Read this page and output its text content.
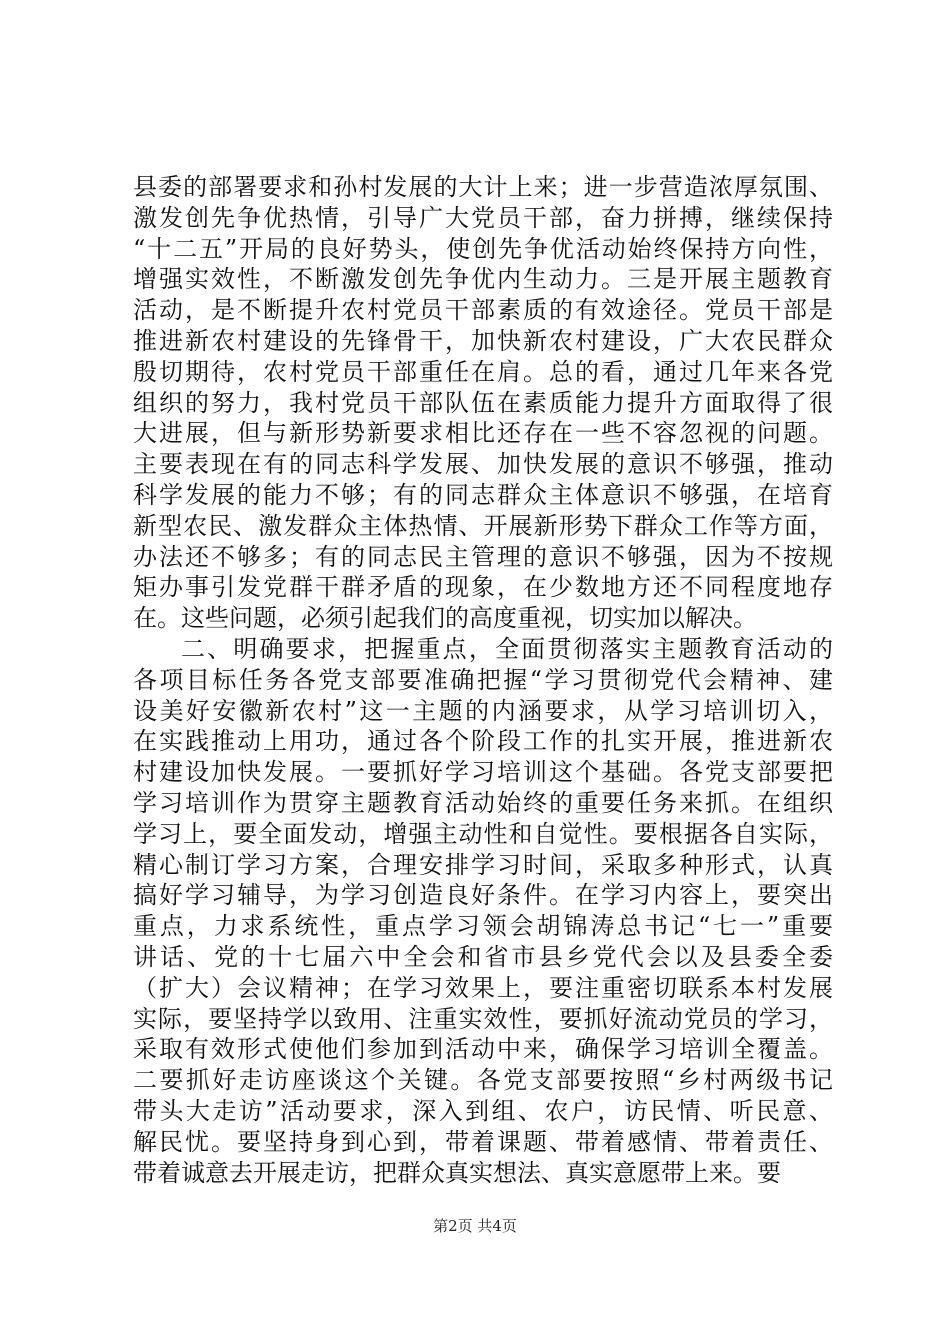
县委的部署要求和孙村发展的大计上来；进一步营造浓厚氛围、
激发创先争优热情，引导广大党员干部，奋力拼搏，继续保持
“十二五”开局的良好势头，使创先争优活动始终保持方向性，
增强实效性，不断激发创先争优内生动力。三是开展主题教育
活动，是不断提升农村党员干部素质的有效途径。党员干部是
推进新农村建设的先锋骨干，加快新农村建设，广大农民群众
殷切期待，农村党员干部重任在肩。总的看，通过几年来各党
组织的努力，我村党员干部队伍在素质能力提升方面取得了很
大进展，但与新形势新要求相比还存在一些不容忽视的问题。
主要表现在有的同志科学发展、加快发展的意识不够强，推动
科学发展的能力不够；有的同志群众主体意识不够强，在培育
新型农民、激发群众主体热情、开展新形势下群众工作等方面，
办法还不够多；有的同志民主管理的意识不够强，因为不按规
矩办事引发党群干群矛盾的现象，在少数地方还不同程度地存
在。这些问题，必须引起我们的高度重视，切实加以解决。

二、明确要求，把握重点，全面贯彻落实主题教育活动的
各项目标任务各党支部要准确把握“学习贯彻党代会精神、建
设美好安徽新农村”这一主题的内涵要求，从学习培训切入，
在实践推动上用功，通过各个阶段工作的扎实开展，推进新农
村建设加快发展。一要抓好学习培训这个基础。各党支部要把
学习培训作为贯穿主题教育活动始终的重要任务来抓。在组织
学习上，要全面发动，增强主动性和自觉性。要根据各自实际，
精心制订学习方案，合理安排学习时间，采取多种形式，认真
搞好学习辅导，为学习创造良好条件。在学习内容上，要突出
重点，力求系统性，重点学习领会胡锦涛总书记“七一”重要
讲话、党的十七届六中全会和省市县乡党代会以及县委全委
（扩大）会议精神；在学习效果上，要注重密切联系本村发展
实际，要坚持学以致用、注重实效性，要抓好流动党员的学习，
采取有效形式使他们参加到活动中来，确保学习培训全覆盖。
二要抓好走访座谈这个关键。各党支部要按照“乡村两级书记
带头大走访”活动要求，深入到组、农户，访民情、听民意、
解民忧。要坚持身到心到，带着课题、带着感情、带着责任、
带着诚意去开展走访，把群众真实想法、真实意愿带上来。要

第2页 共4页
